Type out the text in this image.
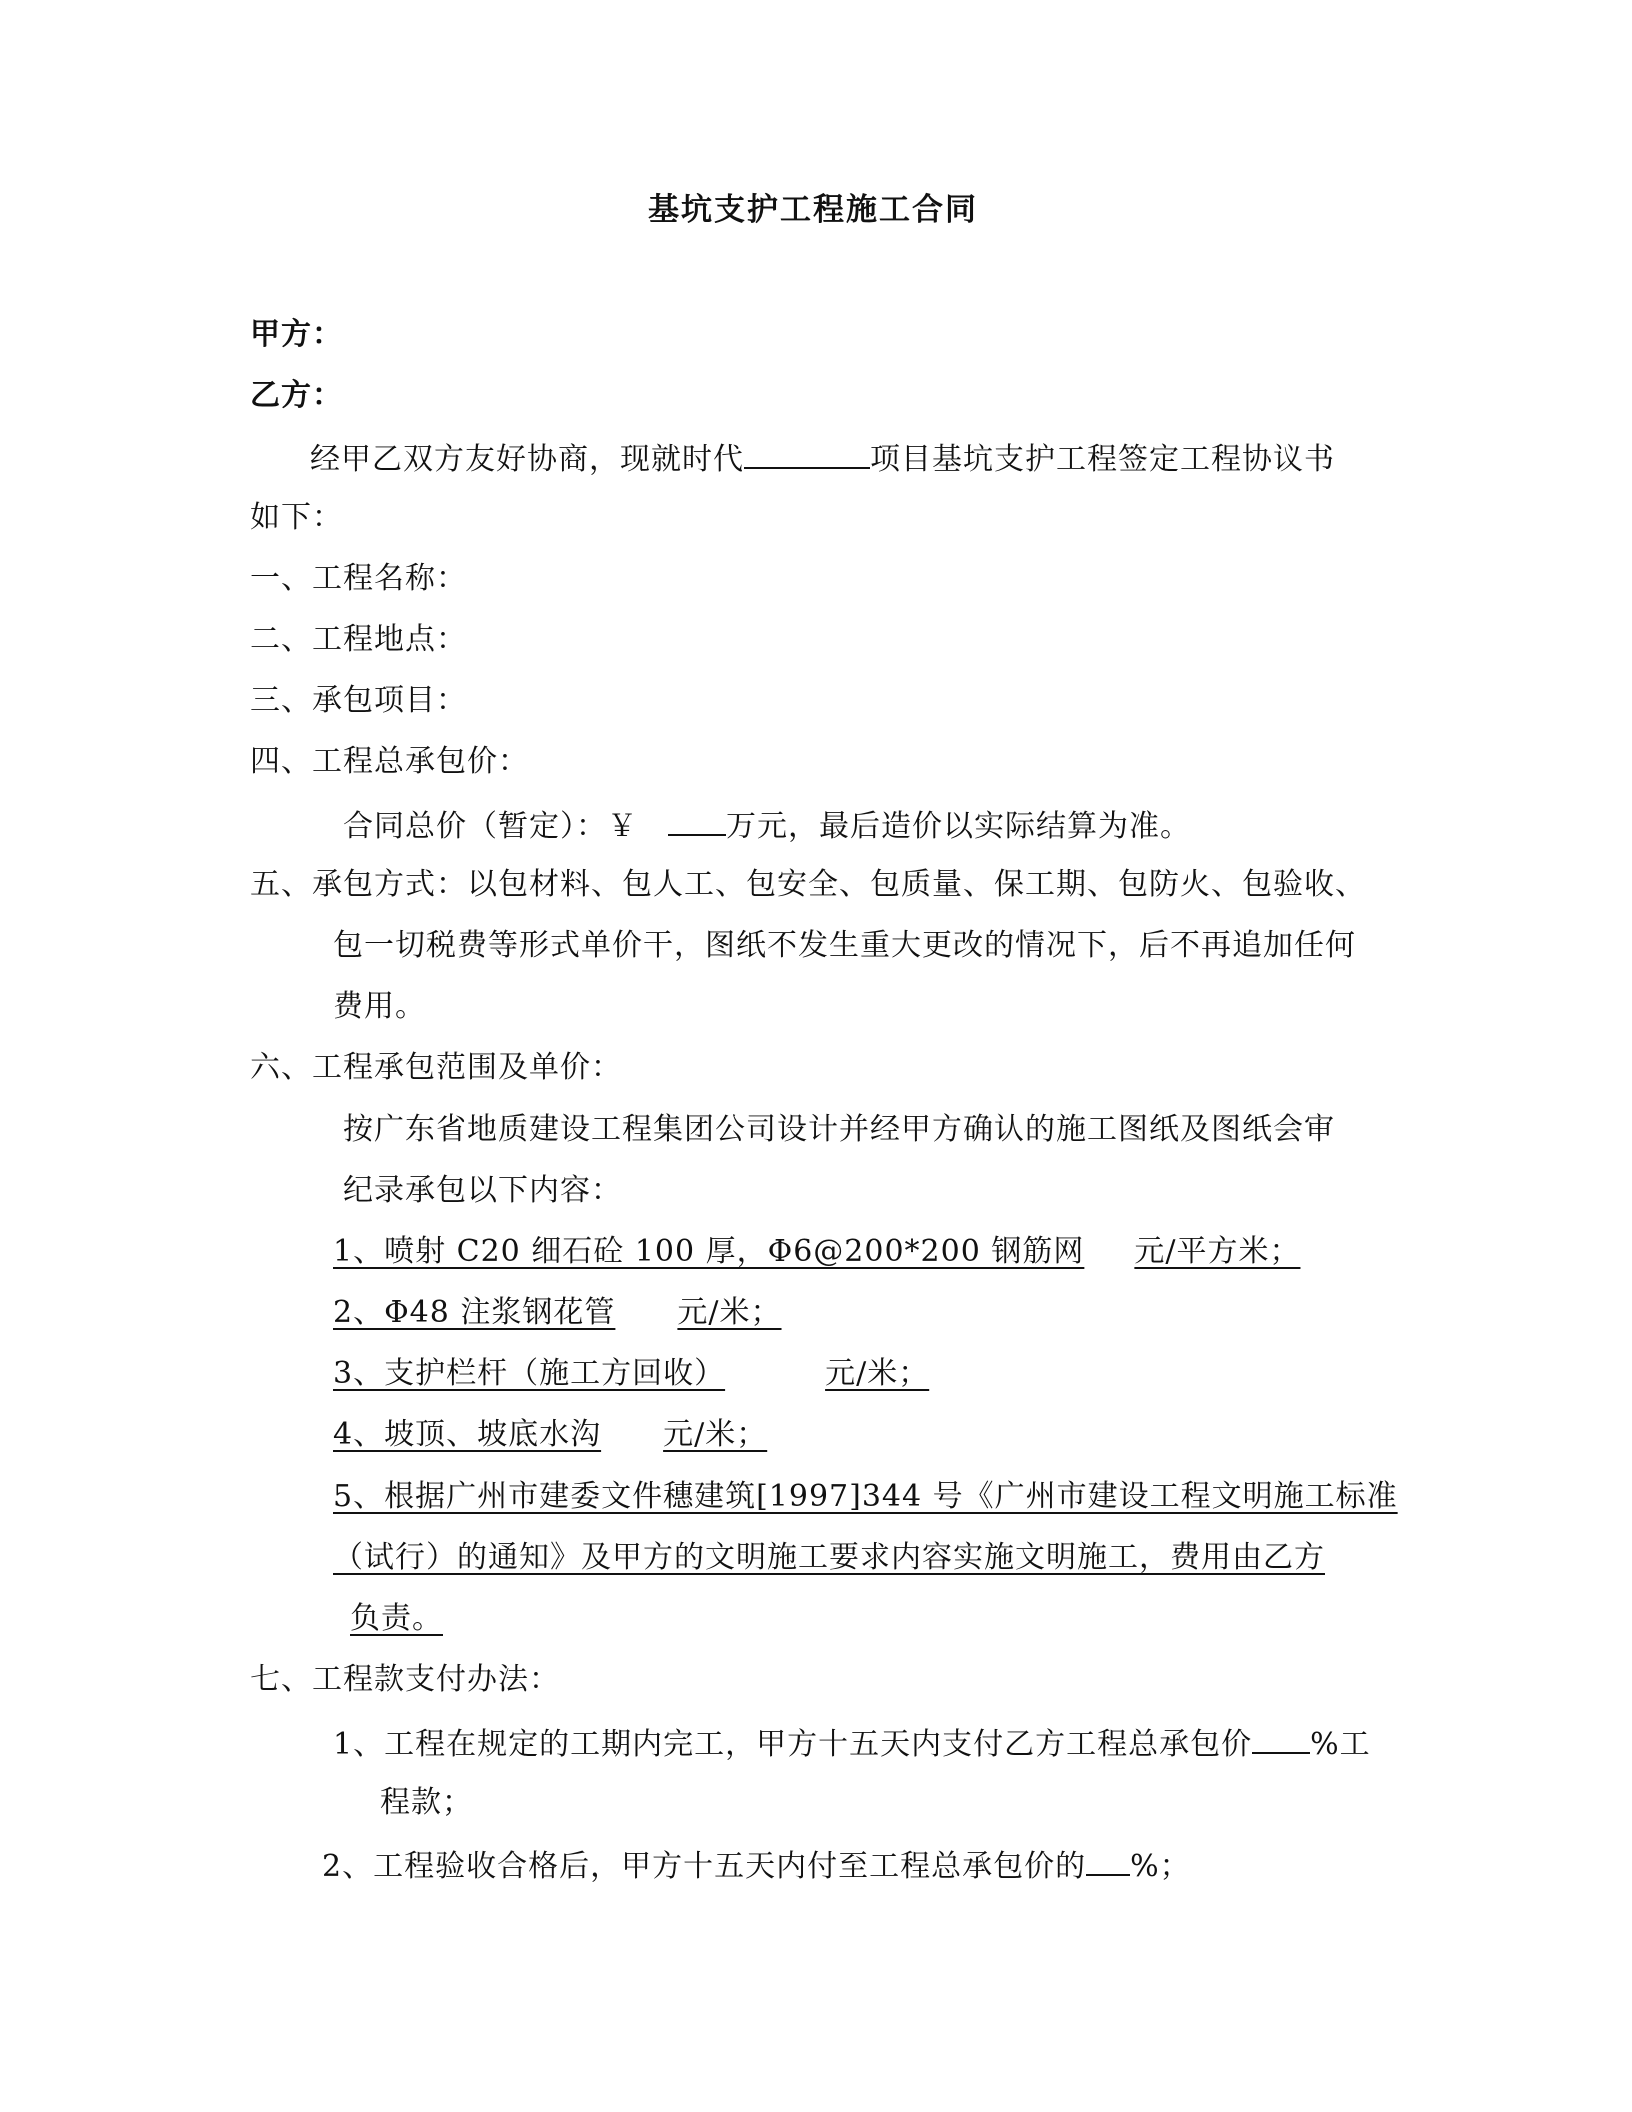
基坑支护工程施工合同
甲方：
乙方：
经甲乙双方友好协商，现就时代	项目基坑支护工程签定工程协议书
如下：
一、工程名称：
二、工程地点：
三、承包项目：
四、工程总承包价：
合同总价（暂定）：￥	万元，最后造价以实际结算为准。
五、承包方式：以包材料、包人工、包安全、包质量、保工期、包防火、包验收、
包一切税费等形式单价干，图纸不发生重大更改的情况下，后不再追加任何
费用。
六、工程承包范围及单价：
按广东省地质建设工程集团公司设计并经甲方确认的施工图纸及图纸会审
纪录承包以下内容：
1、喷射 C20 细石砼 100 厚，Φ6@200*200 钢筋网 元/平方米；
2、Φ48 注浆钢花管 元/米；
3、支护栏杆（施工方回收）	元/米；
4、坡顶、坡底水沟 元/米；
5、根据广州市建委文件穗建筑[1997]344 号《广州市建设工程文明施工标准
（试行）的通知》及甲方的文明施工要求内容实施文明施工，费用由乙方
负责。
七、工程款支付办法：
1、工程在规定的工期内完工，甲方十五天内支付乙方工程总承包价 %工
程款；
2、工程验收合格后，甲方十五天内付至工程总承包价的 %；
